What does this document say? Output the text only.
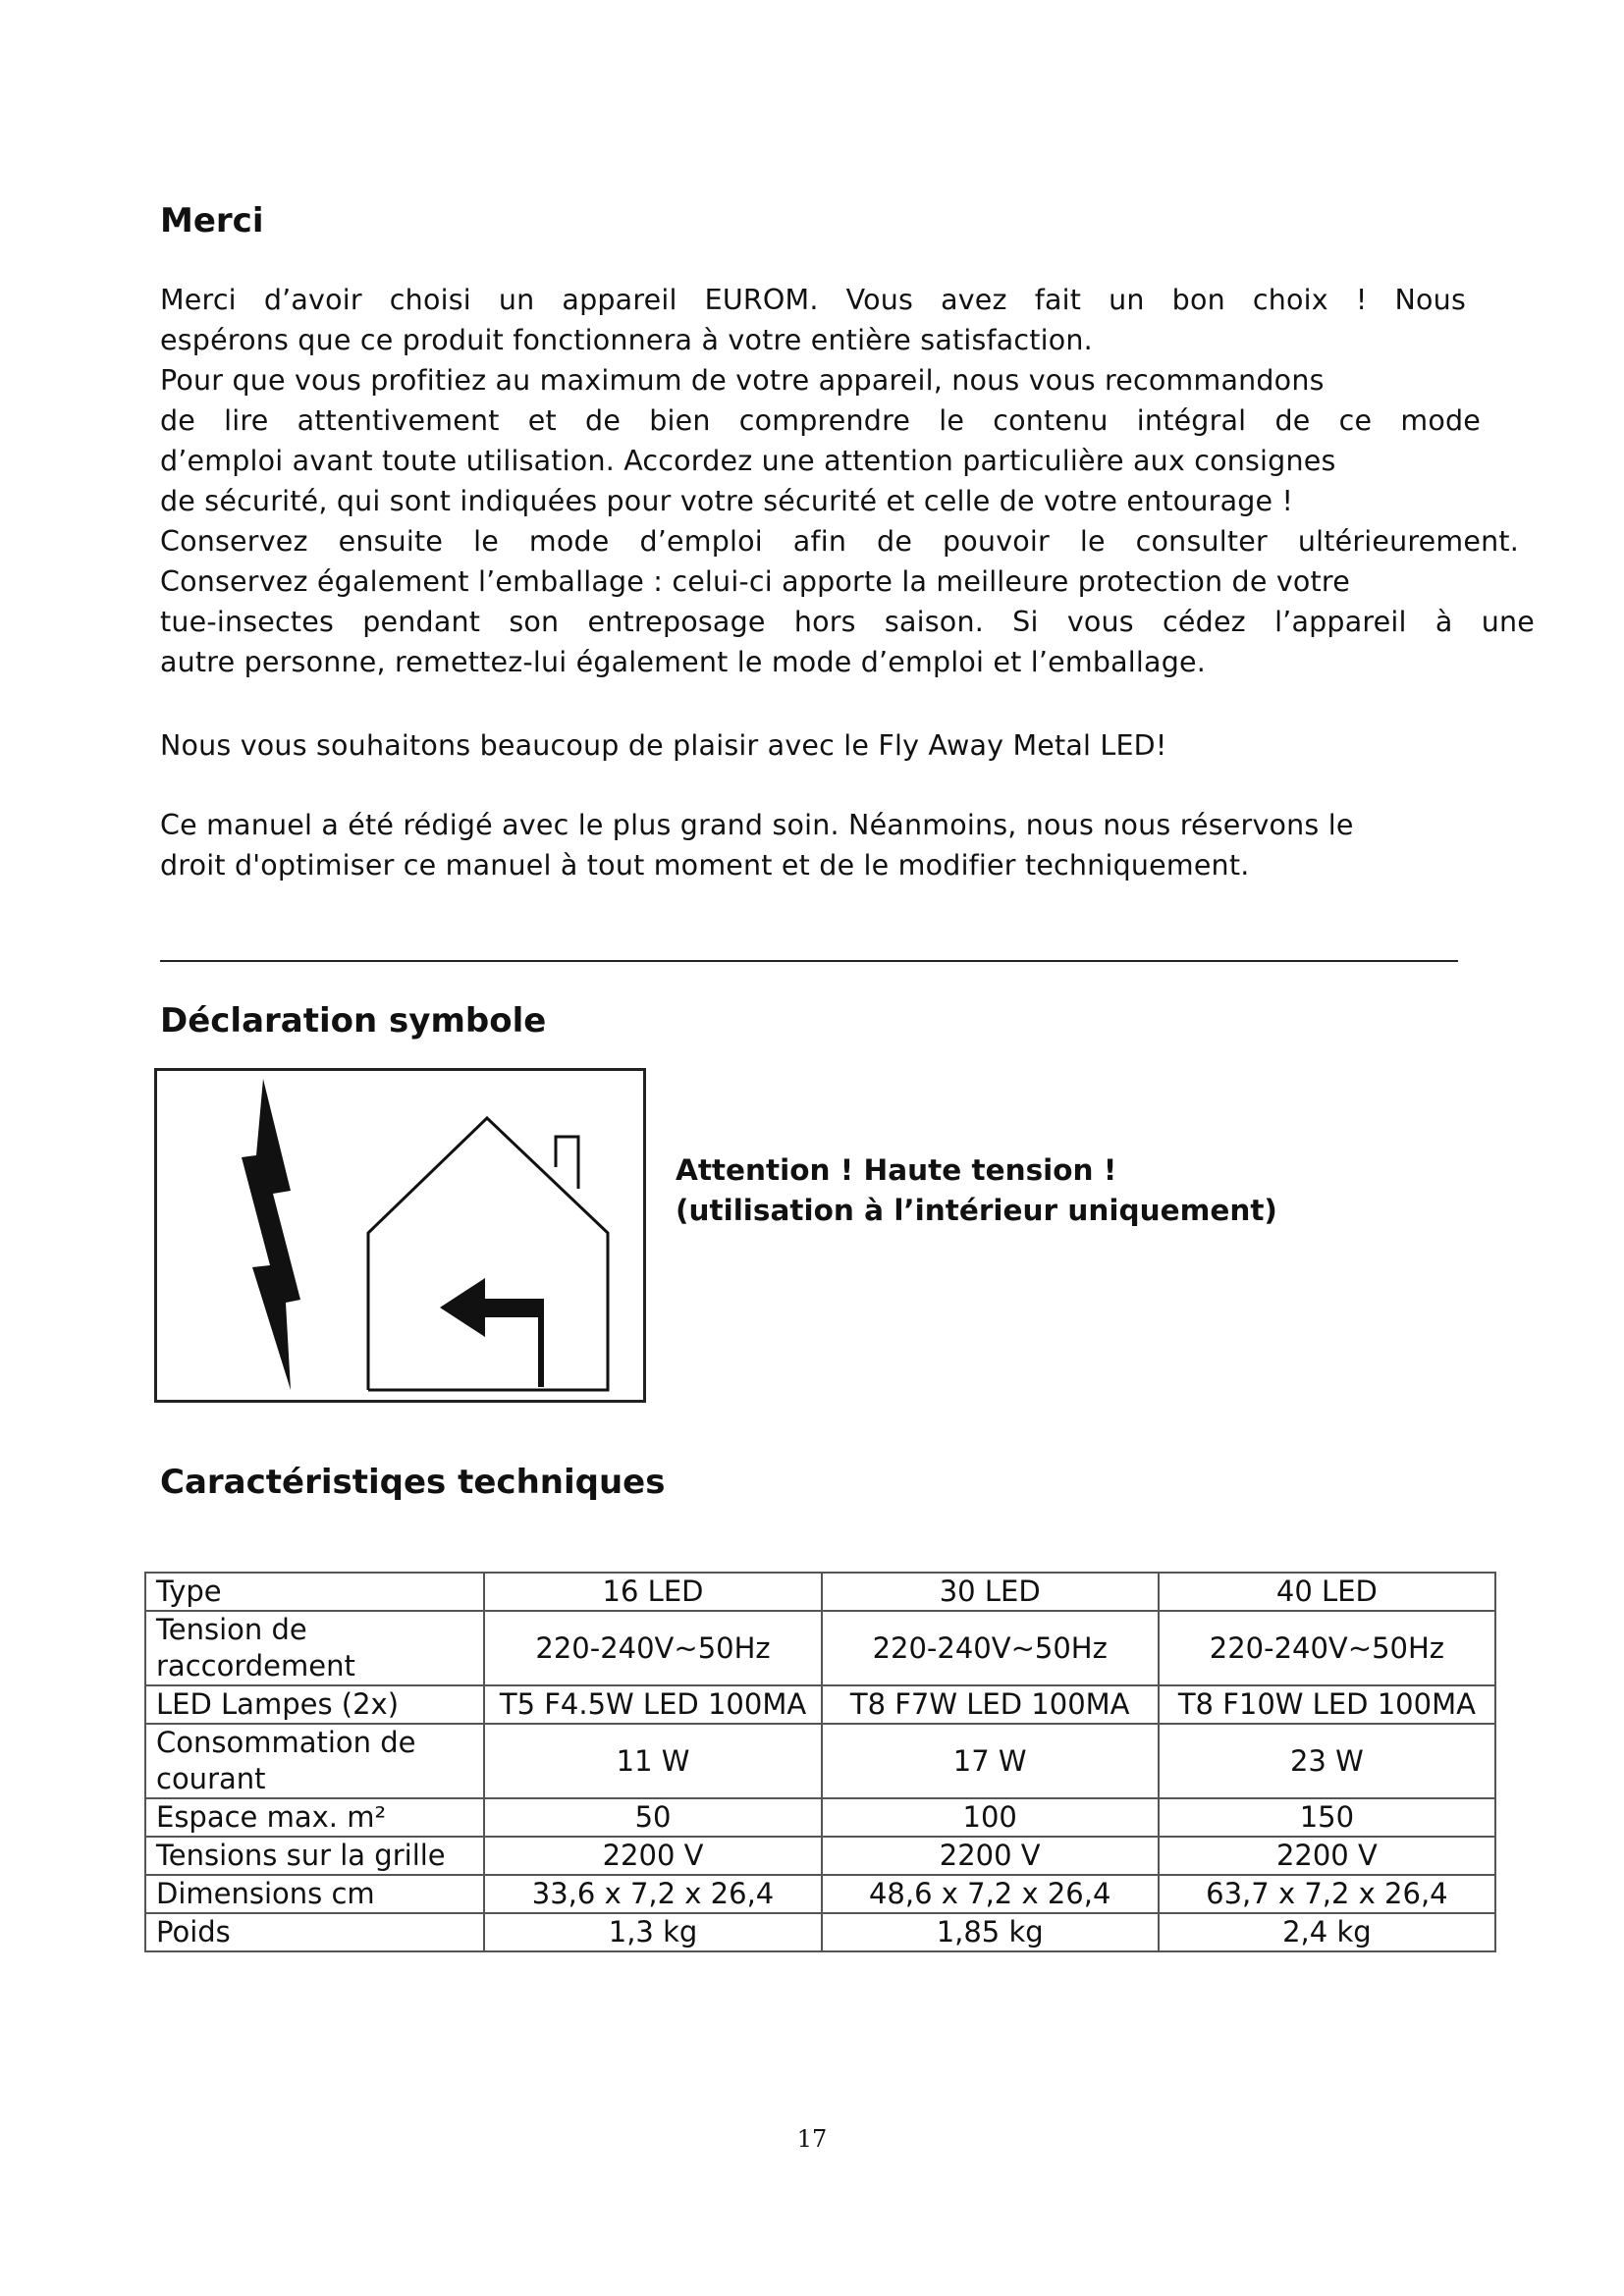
Merci
Merci d’avoir choisi un appareil EUROM. Vous avez fait un bon choix ! Nous
espérons que ce produit fonctionnera à votre entière satisfaction.
Pour que vous profitiez au maximum de votre appareil, nous vous recommandons
de lire attentivement et de bien comprendre le contenu intégral de ce mode
d’emploi avant toute utilisation. Accordez une attention particulière aux consignes
de sécurité, qui sont indiquées pour votre sécurité et celle de votre entourage !
Conservez ensuite le mode d’emploi afin de pouvoir le consulter ultérieurement.
Conservez également l’emballage : celui-ci apporte la meilleure protection de votre
tue-insectes pendant son entreposage hors saison. Si vous cédez l’appareil à une
autre personne, remettez-lui également le mode d’emploi et l’emballage.
Nous vous souhaitons beaucoup de plaisir avec le Fly Away Metal LED!
Ce manuel a été rédigé avec le plus grand soin. Néanmoins, nous nous réservons le
droit d'optimiser ce manuel à tout moment et de le modifier techniquement.
Déclaration symbole
Attention ! Haute tension !
(utilisation à l’intérieur uniquement)
Caractéristiqes techniques
Type	16 LED	30 LED	40 LED
Tension de raccordement	220-240V~50Hz	220-240V~50Hz	220-240V~50Hz
LED Lampes (2x)	T5 F4.5W LED 100MA	T8 F7W LED 100MA	T8 F10W LED 100MA
Consommation de courant	11 W	17 W	23 W
Espace max. m²	50	100	150
Tensions sur la grille	2200 V	2200 V	2200 V
Dimensions cm	33,6 x 7,2 x 26,4	48,6 x 7,2 x 26,4	63,7 x 7,2 x 26,4
Poids	1,3 kg	1,85 kg	2,4 kg
17
